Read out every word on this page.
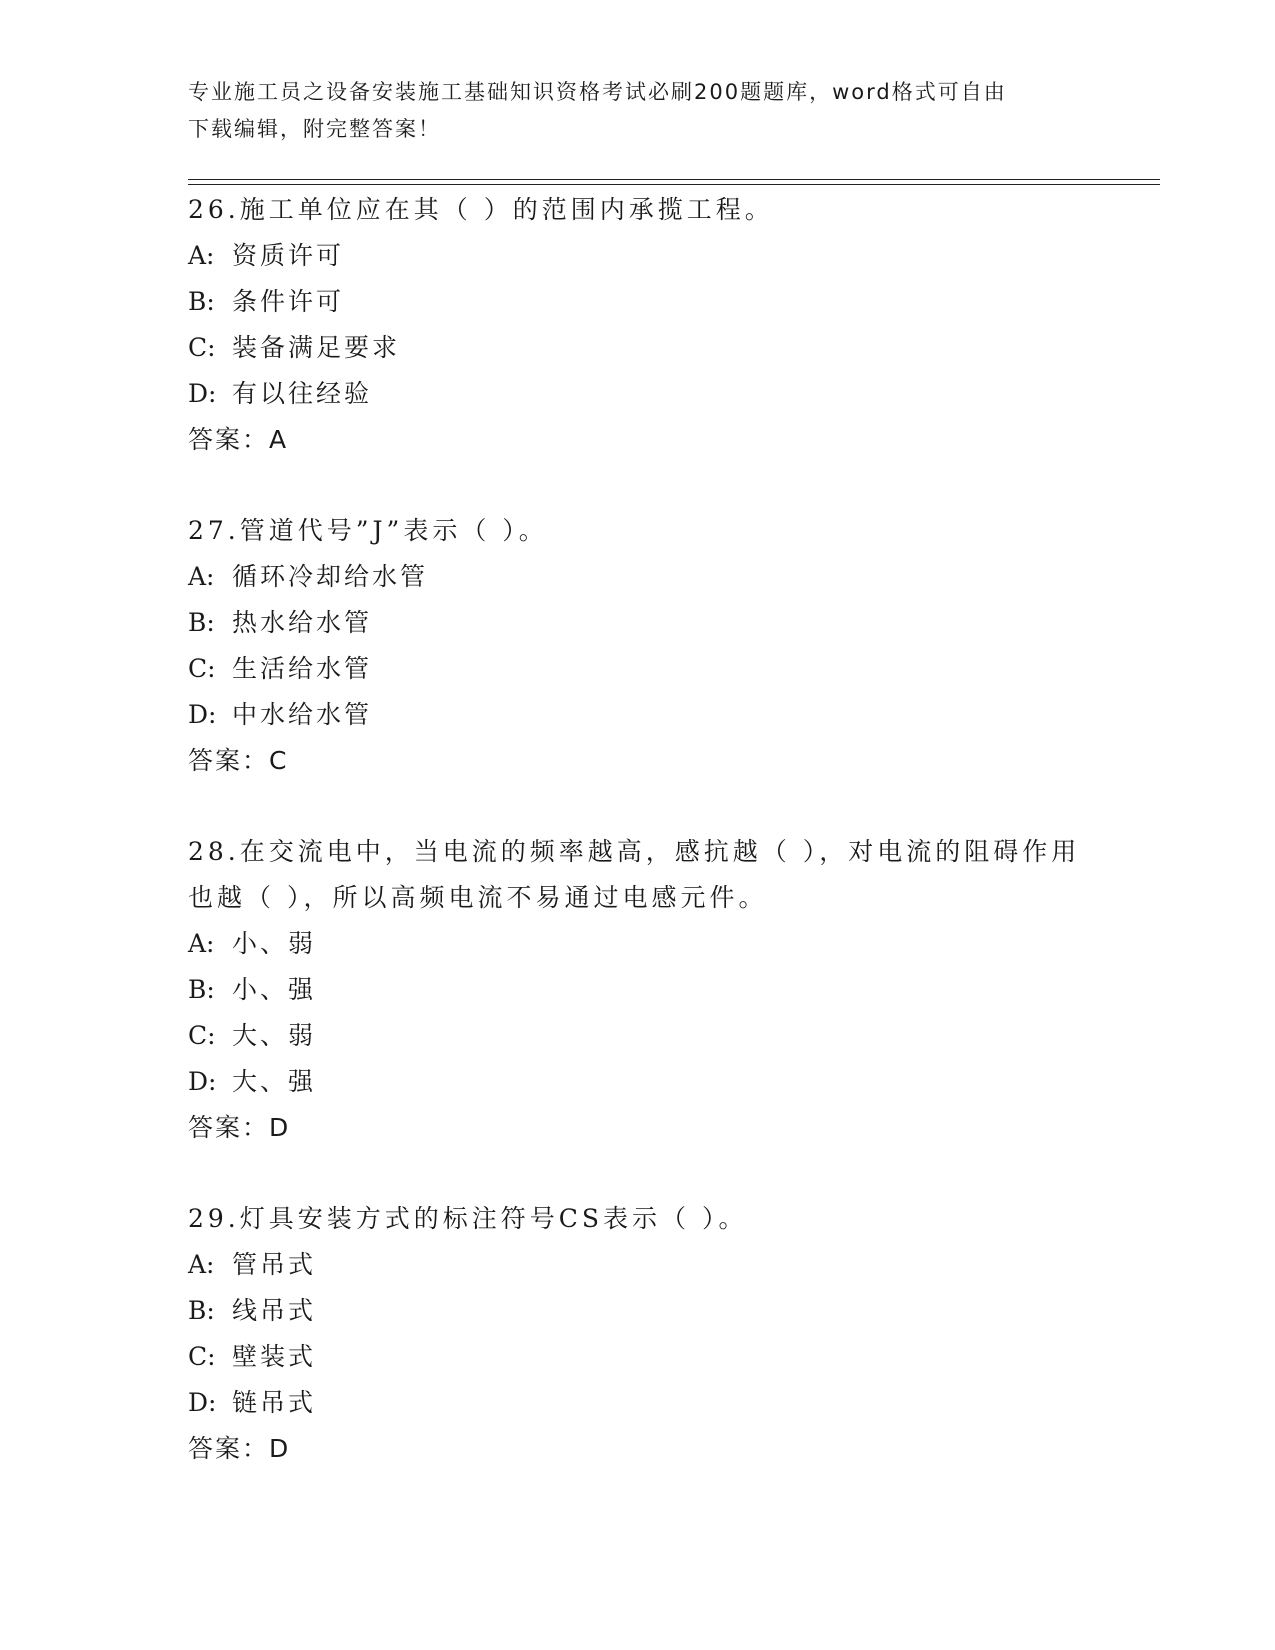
专业施工员之设备安装施工基础知识资格考试必刷200题题库，word格式可自由
下载编辑，附完整答案！

26.施工单位应在其（ ）的范围内承揽工程。

A: 资质许可
B: 条件许可
C: 装备满足要求
D: 有以往经验

答案：A

27.管道代号”J”表示（ ）。

A: 循环冷却给水管
B: 热水给水管
C: 生活给水管
D: 中水给水管

答案：C

28.在交流电中，当电流的频率越高，感抗越（ ），对电流的阻碍作用也越（ ），所以高频电流不易通过电感元件。

A: 小、弱
B: 小、强
C: 大、弱
D: 大、强

答案：D

29.灯具安装方式的标注符号CS表示（ ）。

A: 管吊式
B: 线吊式
C: 壁装式
D: 链吊式

答案：D
